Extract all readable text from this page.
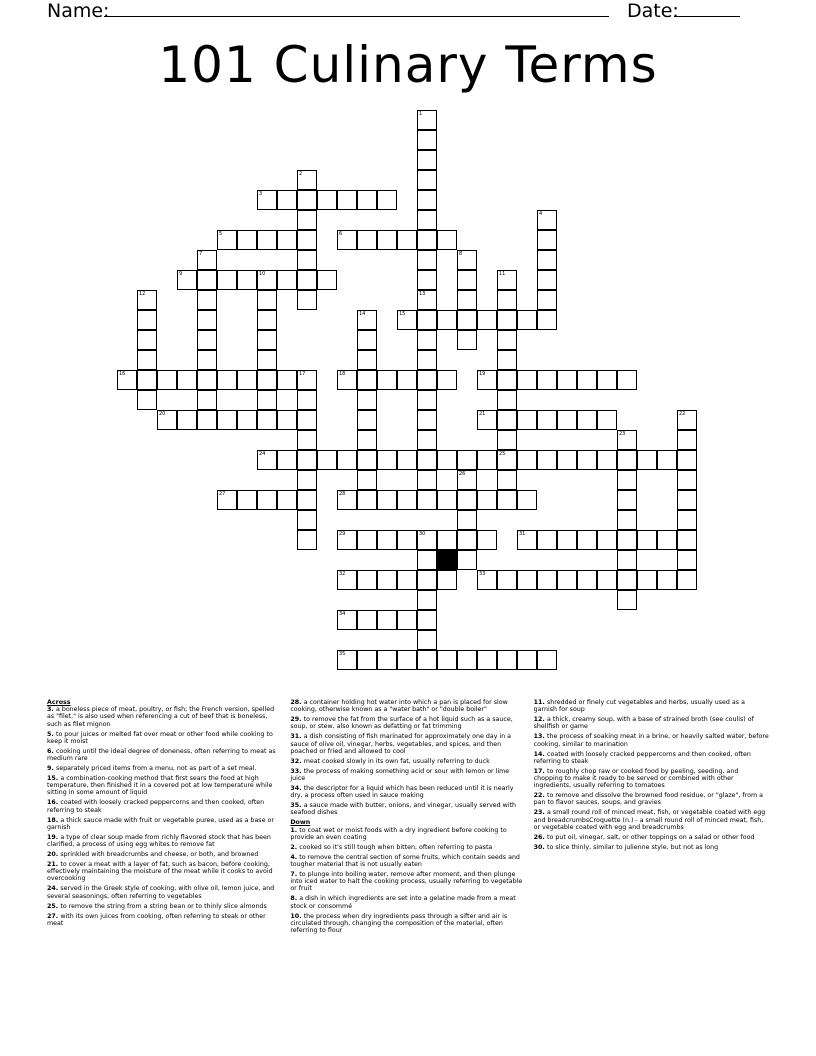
Name:	Date:
101 Culinary Terms
1
13
2
3
4
5	6
7	8
9	10	11
25
12
14	15
16	17	18	19
20	21	22
23
24
26
27	28
29	30	31
32	33
34
35
Across
3. a boneless piece of meat, poultry, or fish; the French version, spelled as "filet," is also used when referencing a cut of beef that is boneless, such as filet mignon
5. to pour juices or melted fat over meat or other food while cooking to keep it moist
6. cooking until the ideal degree of doneness, often referring to meat as medium rare
9. separately priced items from a menu, not as part of a set meal.
15. a combination-cooking method that first sears the food at high temperature, then finished it in a covered pot at low temperature while sitting in some amount of liquid
16. coated with loosely cracked peppercorns and then cooked, often referring to steak
18. a thick sauce made with fruit or vegetable puree, used as a base or garnish
19. a type of clear soup made from richly flavored stock that has been clarified, a process of using egg whites to remove fat
20. sprinkled with breadcrumbs and cheese, or both, and browned
21. to cover a meat with a layer of fat, such as bacon, before cooking, effectively maintaining the moisture of the meat while it cooks to avoid overcooking
24. served in the Greek style of cooking, with olive oil, lemon juice, and several seasonings, often referring to vegetables
25. to remove the string from a string bean or to thinly slice almonds
27. with its own juices from cooking, often referring to steak or other meat
28. a container holding hot water into which a pan is placed for slow cooking, otherwise known as a "water bath" or "double boiler"
29. to remove the fat from the surface of a hot liquid such as a sauce, soup, or stew, also known as defatting or fat trimming
31. a dish consisting of fish marinated for approximately one day in a sauce of olive oil, vinegar, herbs, vegetables, and spices, and then poached or fried and allowed to cool
32. meat cooked slowly in its own fat, usually referring to duck
33. the process of making something acid or sour with lemon or lime juice
34. the descriptor for a liquid which has been reduced until it is nearly dry, a process often used in sauce making
35. a sauce made with butter, onions, and vinegar, usually served with seafood dishes
Down
1. to coat wet or moist foods with a dry ingredient before cooking to provide an even coating
2. cooked so it's still tough when bitten, often referring to pasta
4. to remove the central section of some fruits, which contain seeds and tougher material that is not usually eaten
7. to plunge into boiling water, remove after moment, and then plunge into iced water to halt the cooking process, usually referring to vegetable or fruit
8. a dish in which ingredients are set into a gelatine made from a meat stock or consommé
10. the process when dry ingredients pass through a sifter and air is circulated through, changing the composition of the material, often referring to flour
11. shredded or finely cut vegetables and herbs, usually used as a garnish for soup
12. a thick, creamy soup, with a base of strained broth (see coulis) of shellfish or game
13. the process of soaking meat in a brine, or heavily salted water, before cooking, similar to marination
14. coated with loosely cracked peppercorns and then cooked, often referring to steak
17. to roughly chop raw or cooked food by peeling, seeding, and chopping to make it ready to be served or combined with other ingredients, usually referring to tomatoes
22. to remove and dissolve the browned food residue, or "glaze", from a pan to flavor sauces, soups, and gravies
23. a small round roll of minced meat, fish, or vegetable coated with egg and breadcrumbsCroquette (n.) - a small round roll of minced meat, fish, or vegetable coated with egg and breadcrumbs
26. to put oil, vinegar, salt, or other toppings on a salad or other food
30. to slice thinly, similar to julienne style, but not as long
